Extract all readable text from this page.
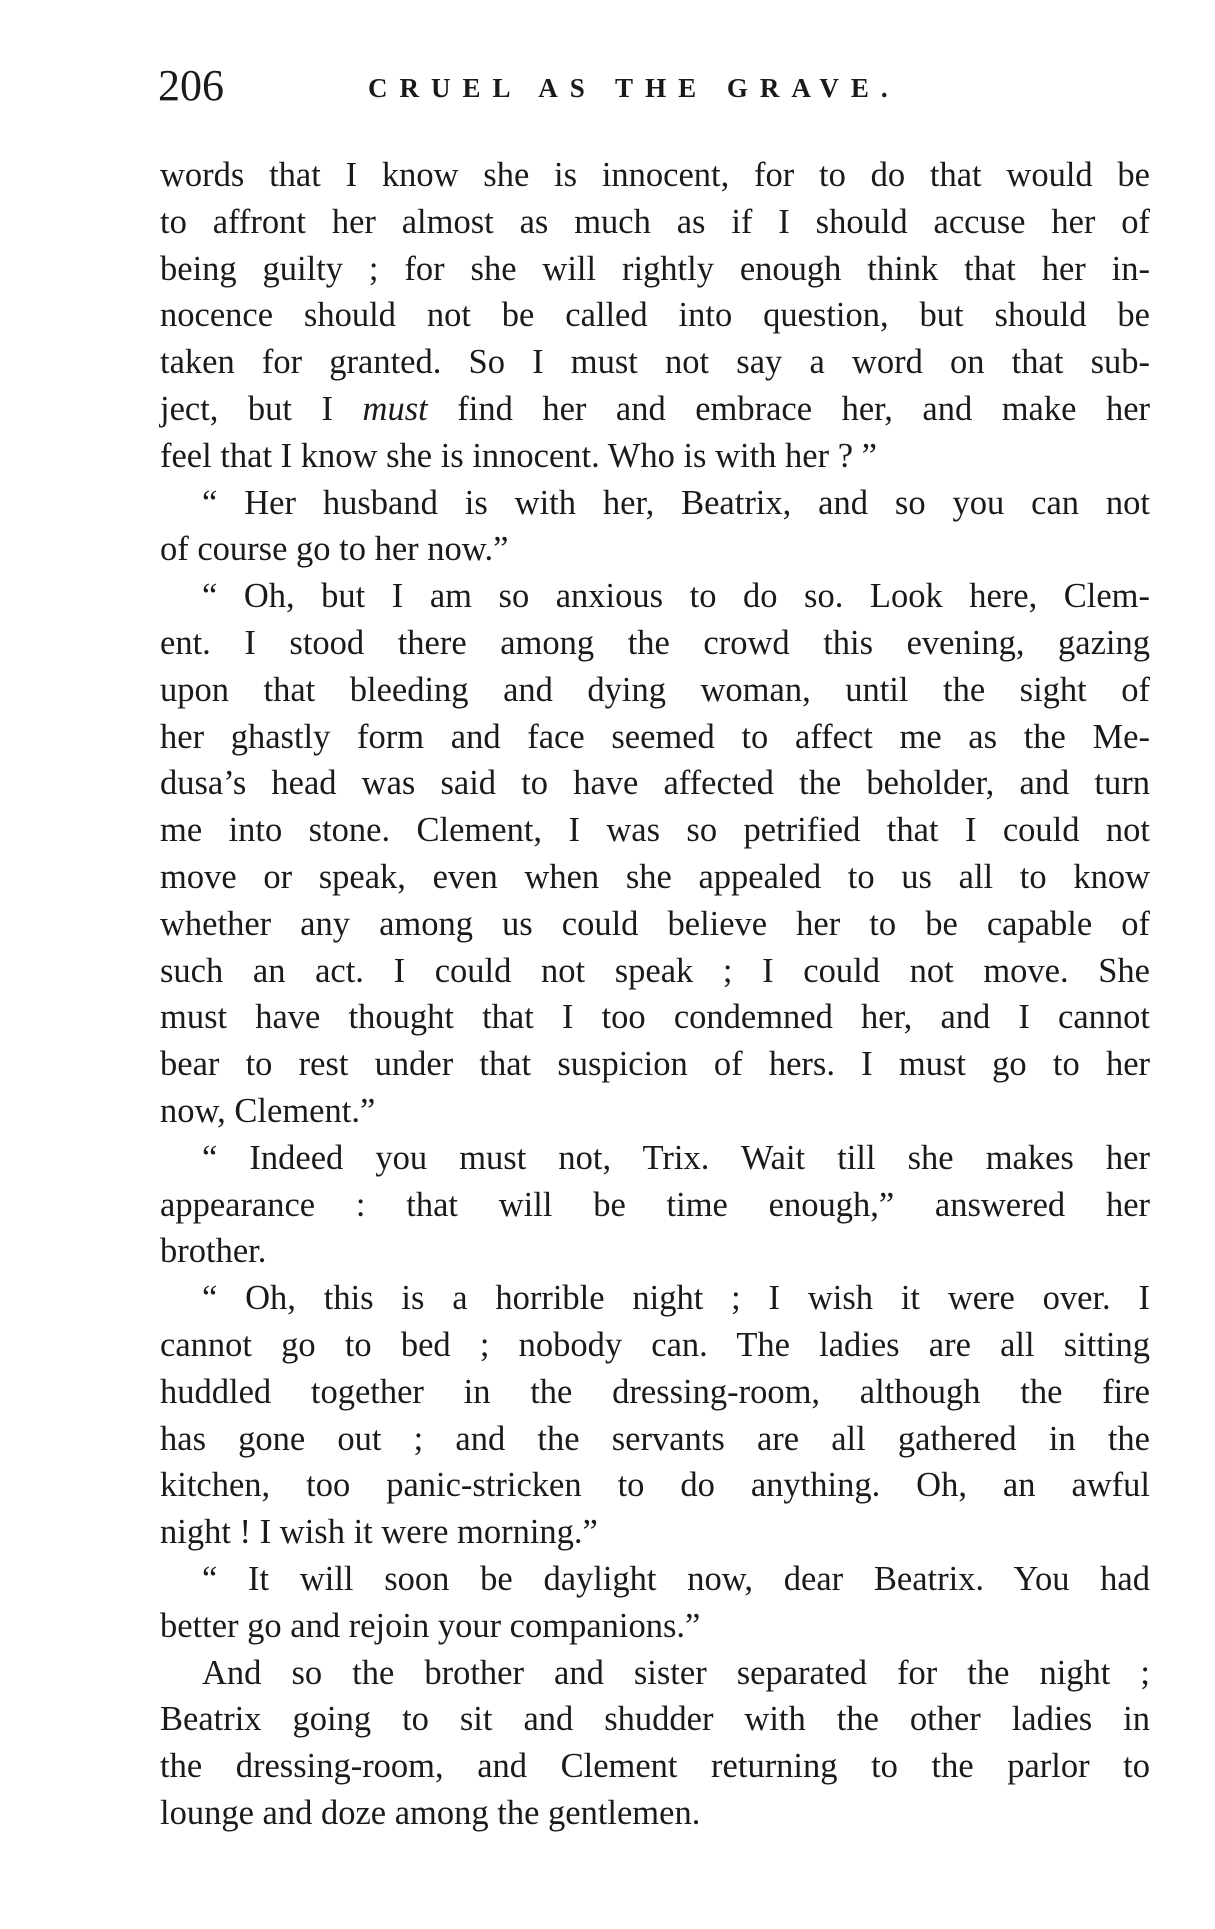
206	CRUEL AS THE GRAVE.
words that I know she is innocent, for to do that would be
to affront her almost as much as if I should accuse her of
being guilty ; for she will rightly enough think that her in-
nocence should not be called into question, but should be
taken for granted. So I must not say a word on that sub-
ject, but I must find her and embrace her, and make her
feel that I know she is innocent. Who is with her ? ”
“ Her husband is with her, Beatrix, and so you can not
of course go to her now.”
“ Oh, but I am so anxious to do so. Look here, Clem-
ent. I stood there among the crowd this evening, gazing
upon that bleeding and dying woman, until the sight of
her ghastly form and face seemed to affect me as the Me-
dusa’s head was said to have affected the beholder, and turn
me into stone. Clement, I was so petrified that I could not
move or speak, even when she appealed to us all to know
whether any among us could believe her to be capable of
such an act. I could not speak ; I could not move. She
must have thought that I too condemned her, and I cannot
bear to rest under that suspicion of hers. I must go to her
now, Clement.”
“ Indeed you must not, Trix. Wait till she makes her
appearance : that will be time enough,” answered her
brother.
“ Oh, this is a horrible night ; I wish it were over. I
cannot go to bed ; nobody can. The ladies are all sitting
huddled together in the dressing-room, although the fire
has gone out ; and the servants are all gathered in the
kitchen, too panic-stricken to do anything. Oh, an awful
night ! I wish it were morning.”
“ It will soon be daylight now, dear Beatrix. You had
better go and rejoin your companions.”
And so the brother and sister separated for the night ;
Beatrix going to sit and shudder with the other ladies in
the dressing-room, and Clement returning to the parlor to
lounge and doze among the gentlemen.
